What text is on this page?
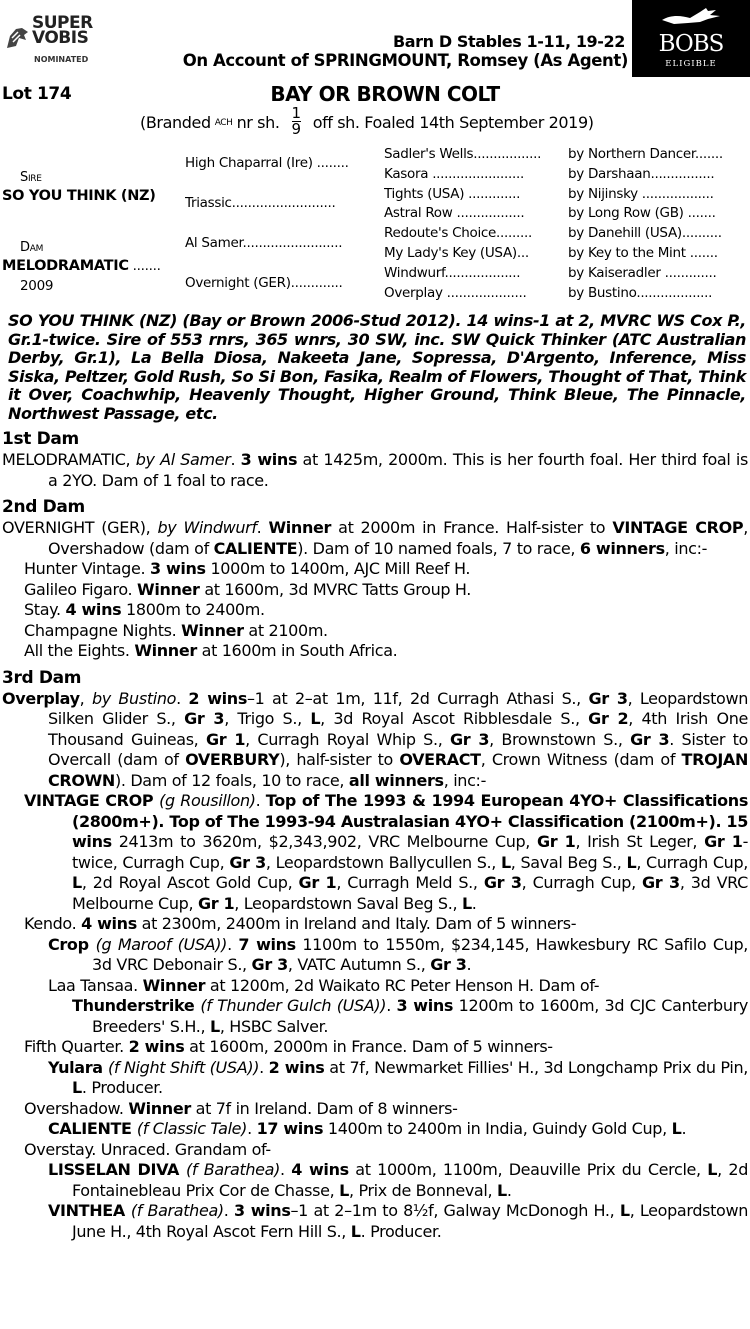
SUPER
VOBIS
NOMINATED
Barn D Stables 1-11, 19-22
On Account of SPRINGMOUNT, Romsey (As Agent)
BOBS
ELIGIBLE
Lot 174	BAY OR BROWN COLT
(Branded ACH nr sh. $\frac{1}{9}$ off sh. Foaled 14th September 2019)
Sire
SO YOU THINK (NZ)
Dam
MELODRAMATIC .......
2009
High Chaparral (Ire) ........
Triassic..........................
Al Samer.........................
Overnight (GER).............
Sadler's Wells.................
Kasora .......................
Tights (USA) .............
Astral Row .................
Redoute's Choice.........
My Lady's Key (USA)...
Windwurf...................
Overplay ....................
by Northern Dancer.......
by Darshaan................
by Nijinsky ..................
by Long Row (GB) .......
by Danehill (USA)..........
by Key to the Mint .......
by Kaiseradler .............
by Bustino...................
SO YOU THINK (NZ) (Bay or Brown 2006-Stud 2012). 14 wins-1 at 2, MVRC WS Cox P., Gr.1-twice. Sire of 553 rnrs, 365 wnrs, 30 SW, inc. SW Quick Thinker (ATC Australian Derby, Gr.1), La Bella Diosa, Nakeeta Jane, Sopressa, D'Argento, Inference, Miss Siska, Peltzer, Gold Rush, So Si Bon, Fasika, Realm of Flowers, Thought of That, Think it Over, Coachwhip, Heavenly Thought, Higher Ground, Think Bleue, The Pinnacle, Northwest Passage, etc.
1st Dam
MELODRAMATIC, by Al Samer. 3 wins at 1425m, 2000m. This is her fourth foal. Her third foal is a 2YO. Dam of 1 foal to race.
2nd Dam
OVERNIGHT (GER), by Windwurf. Winner at 2000m in France. Half-sister to VINTAGE CROP, Overshadow (dam of CALIENTE). Dam of 10 named foals, 7 to race, 6 winners, inc:-
Hunter Vintage. 3 wins 1000m to 1400m, AJC Mill Reef H.
Galileo Figaro. Winner at 1600m, 3d MVRC Tatts Group H.
Stay. 4 wins 1800m to 2400m.
Champagne Nights. Winner at 2100m.
All the Eights. Winner at 1600m in South Africa.
3rd Dam
Overplay, by Bustino. 2 wins–1 at 2–at 1m, 11f, 2d Curragh Athasi S., Gr 3, Leopardstown Silken Glider S., Gr 3, Trigo S., L, 3d Royal Ascot Ribblesdale S., Gr 2, 4th Irish One Thousand Guineas, Gr 1, Curragh Royal Whip S., Gr 3, Brownstown S., Gr 3. Sister to Overcall (dam of OVERBURY), half-sister to OVERACT, Crown Witness (dam of TROJAN CROWN). Dam of 12 foals, 10 to race, all winners, inc:-
VINTAGE CROP (g Rousillon). Top of The 1993 & 1994 European 4YO+ Classifications (2800m+). Top of The 1993-94 Australasian 4YO+ Classification (2100m+). 15 wins 2413m to 3620m, $2,343,902, VRC Melbourne Cup, Gr 1, Irish St Leger, Gr 1-twice, Curragh Cup, Gr 3, Leopardstown Ballycullen S., L, Saval Beg S., L, Curragh Cup, L, 2d Royal Ascot Gold Cup, Gr 1, Curragh Meld S., Gr 3, Curragh Cup, Gr 3, 3d VRC Melbourne Cup, Gr 1, Leopardstown Saval Beg S., L.
Kendo. 4 wins at 2300m, 2400m in Ireland and Italy. Dam of 5 winners-
Crop (g Maroof (USA)). 7 wins 1100m to 1550m, $234,145, Hawkesbury RC Safilo Cup, 3d VRC Debonair S., Gr 3, VATC Autumn S., Gr 3.
Laa Tansaa. Winner at 1200m, 2d Waikato RC Peter Henson H. Dam of-
Thunderstrike (f Thunder Gulch (USA)). 3 wins 1200m to 1600m, 3d CJC Canterbury Breeders' S.H., L, HSBC Salver.
Fifth Quarter. 2 wins at 1600m, 2000m in France. Dam of 5 winners-
Yulara (f Night Shift (USA)). 2 wins at 7f, Newmarket Fillies' H., 3d Longchamp Prix du Pin, L. Producer.
Overshadow. Winner at 7f in Ireland. Dam of 8 winners-
CALIENTE (f Classic Tale). 17 wins 1400m to 2400m in India, Guindy Gold Cup, L.
Overstay. Unraced. Grandam of-
LISSELAN DIVA (f Barathea). 4 wins at 1000m, 1100m, Deauville Prix du Cercle, L, 2d Fontainebleau Prix Cor de Chasse, L, Prix de Bonneval, L.
VINTHEA (f Barathea). 3 wins–1 at 2–1m to 8½f, Galway McDonogh H., L, Leopardstown June H., 4th Royal Ascot Fern Hill S., L. Producer.
